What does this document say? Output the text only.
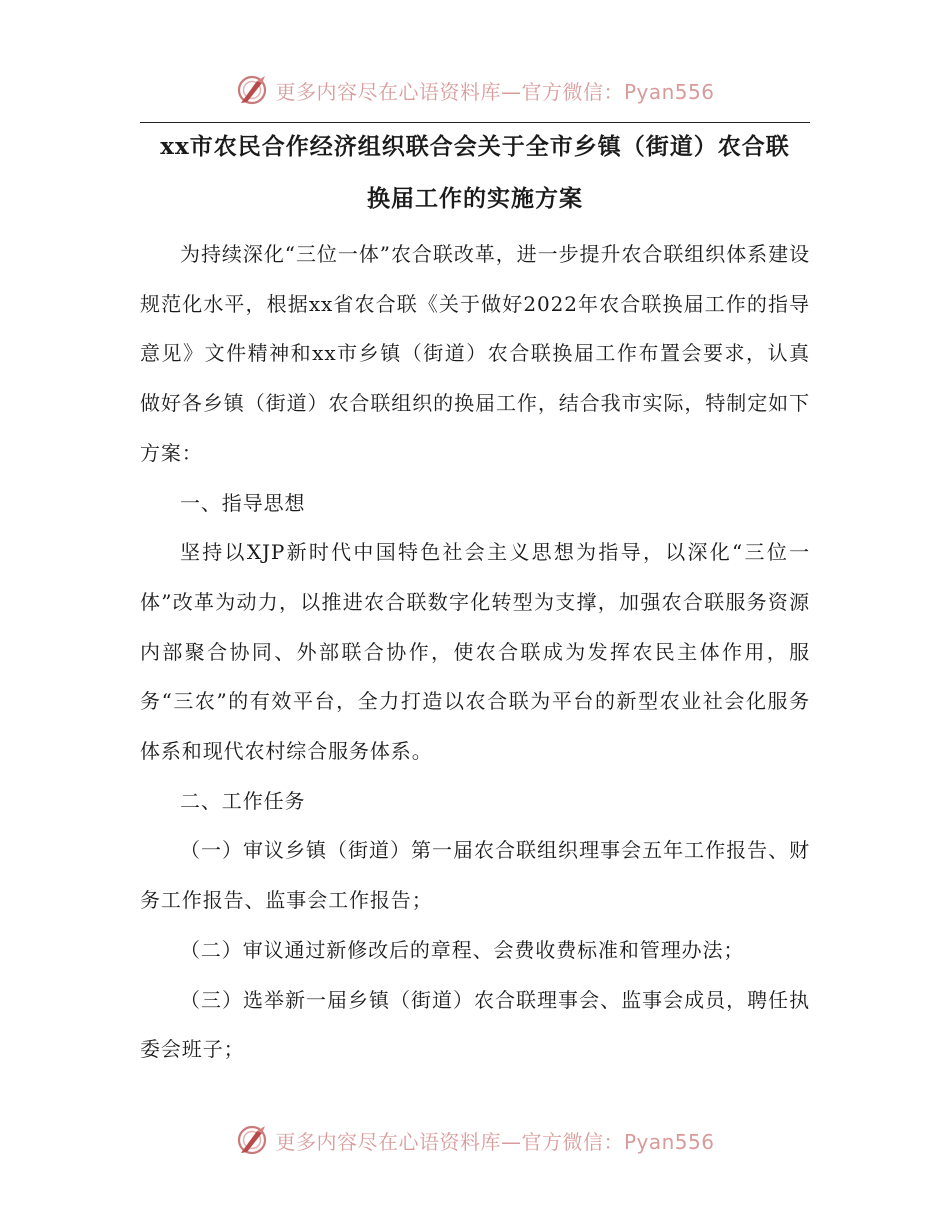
更多内容尽在心语资料库—官方微信：Pyan556
xx市农民合作经济组织联合会关于全市乡镇（街道）农合联
换届工作的实施方案

为持续深化“三位一体”农合联改革，进一步提升农合联组织体系建设规范化水平，根据xx省农合联《关于做好2022年农合联换届工作的指导意见》文件精神和xx市乡镇（街道）农合联换届工作布置会要求，认真做好各乡镇（街道）农合联组织的换届工作，结合我市实际，特制定如下方案：

一、指导思想

坚持以XJP新时代中国特色社会主义思想为指导，以深化“三位一体”改革为动力，以推进农合联数字化转型为支撑，加强农合联服务资源内部聚合协同、外部联合协作，使农合联成为发挥农民主体作用，服务“三农”的有效平台，全力打造以农合联为平台的新型农业社会化服务体系和现代农村综合服务体系。

二、工作任务

（一）审议乡镇（街道）第一届农合联组织理事会五年工作报告、财务工作报告、监事会工作报告；

（二）审议通过新修改后的章程、会费收费标准和管理办法；

（三）选举新一届乡镇（街道）农合联理事会、监事会成员，聘任执委会班子；

更多内容尽在心语资料库—官方微信：Pyan556
